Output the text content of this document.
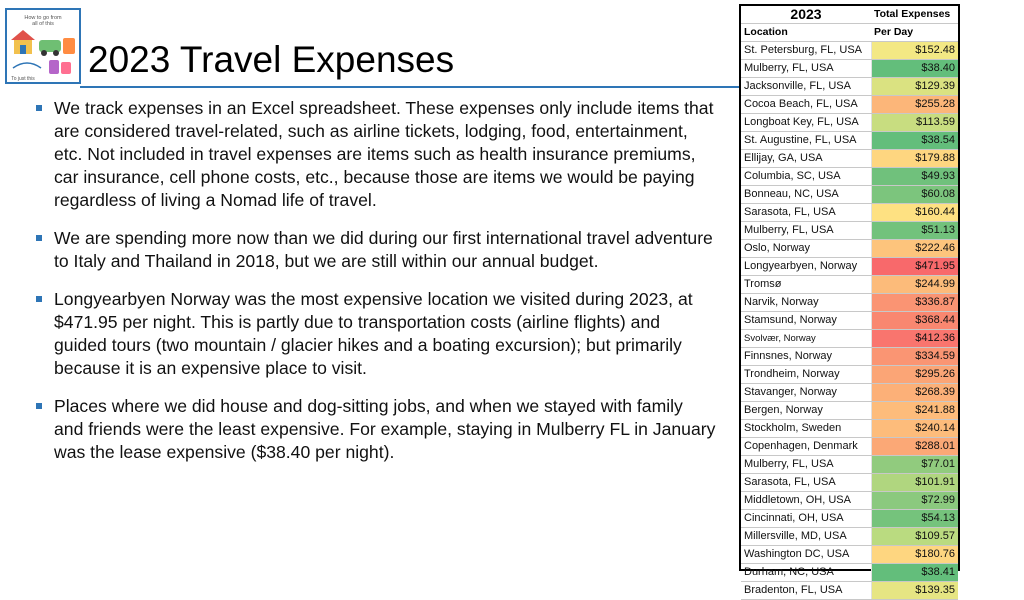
How to go from
all of this
To just this 2023 Travel Expenses
We track expenses in an Excel spreadsheet. These expenses only include items that are considered travel-related, such as airline tickets, lodging, food, entertainment, etc. Not included in travel expenses are items such as health insurance premiums, car insurance, cell phone costs, etc., because those are items we would be paying regardless of living a Nomad life of travel.
We are spending more now than we did during our first international travel adventure to Italy and Thailand in 2018, but we are still within our annual budget.
Longyearbyen Norway was the most expensive location we visited during 2023, at $471.95 per night. This is partly due to transportation costs (airline flights) and guided tours (two mountain / glacier hikes and a boating excursion); but primarily because it is an expensive place to visit.
Places where we did house and dog-sitting jobs, and when we stayed with family and friends were the least expensive. For example, staying in Mulberry FL in January was the lease expensive ($38.40 per night).
2023	Total Expenses
Location	Per Day
St. Petersburg, FL, USA	$152.48
Mulberry, FL, USA	$38.40
Jacksonville, FL, USA	$129.39
Cocoa Beach, FL, USA	$255.28
Longboat Key, FL, USA	$113.59
St. Augustine, FL, USA	$38.54
Ellijay, GA, USA	$179.88
Columbia, SC, USA	$49.93
Bonneau, NC, USA	$60.08
Sarasota, FL, USA	$160.44
Mulberry, FL, USA	$51.13
Oslo, Norway	$222.46
Longyearbyen, Norway	$471.95
Tromsø	$244.99
Narvik, Norway	$336.87
Stamsund, Norway	$368.44
Svolvær, Norway	$412.36
Finnsnes, Norway	$334.59
Trondheim, Norway	$295.26
Stavanger, Norway	$268.39
Bergen, Norway	$241.88
Stockholm, Sweden	$240.14
Copenhagen, Denmark	$288.01
Mulberry, FL, USA	$77.01
Sarasota, FL, USA	$101.91
Middletown, OH, USA	$72.99
Cincinnati, OH, USA	$54.13
Millersville, MD, USA	$109.57
Washington DC, USA	$180.76
Durham, NC, USA	$38.41
Bradenton, FL, USA	$139.35
